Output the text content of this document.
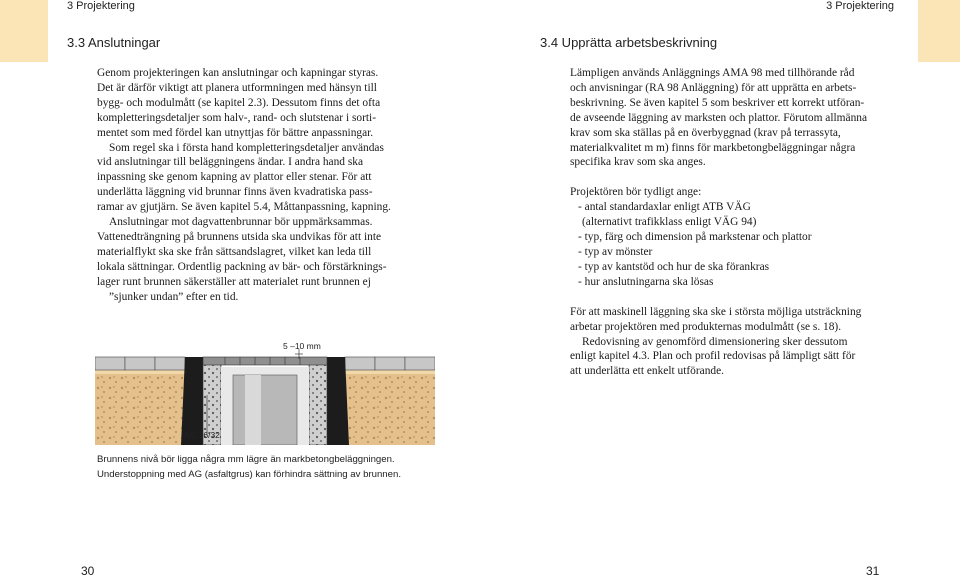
3 Projektering	3 Projektering
3.3 Anslutningar	3.4 Upprätta arbetsbeskrivning

Genom projekteringen kan anslutningar och kapningar styras.

Det är därför viktigt att planera utformningen med hänsyn till

bygg- och modulmått (se kapitel 2.3). Dessutom finns det ofta

kompletteringsdetaljer som halv-, rand- och slutstenar i sorti-

mentet som med fördel kan utnyttjas för bättre anpassningar.

Som regel ska i första hand kompletteringsdetaljer användas

vid anslutningar till beläggningens ändar. I andra hand ska

inpassning ske genom kapning av plattor eller stenar. För att

underlätta läggning vid brunnar finns även kvadratiska pass-

ramar av gjutjärn. Se även kapitel 5.4, Måttanpassning, kapning.

Anslutningar mot dagvattenbrunnar bör uppmärksammas.

Vattenedträngning på brunnens utsida ska undvikas för att inte

materialflykt ska ske från sättsandslagret, vilket kan leda till

lokala sättningar. Ordentlig packning av bär- och förstärknings-

lager runt brunnen säkerställer att materialet runt brunnen ej

”sjunker undan” efter en tid.

5 –10 mm
AG 16/32
Brunnens nivå bör ligga några mm lägre än markbetongbeläggningen.
Understoppning med AG (asfaltgrus) kan förhindra sättning av brunnen.

Lämpligen används Anläggnings AMA 98 med tillhörande råd

och anvisningar (RA 98 Anläggning) för att upprätta en arbets-

beskrivning. Se även kapitel 5 som beskriver ett korrekt utföran-

de avseende läggning av marksten och plattor. Förutom allmänna

krav som ska ställas på en överbyggnad (krav på terrassyta,

materialkvalitet m m) finns för markbetongbeläggningar några

specifika krav som ska anges.

Projektören bör tydligt ange:

- antal standardaxlar enligt ATB VÄG

(alternativt trafikklass enligt VÄG 94)

- typ, färg och dimension på markstenar och plattor

- typ av mönster

- typ av kantstöd och hur de ska förankras

- hur anslutningarna ska lösas

För att maskinell läggning ska ske i största möjliga utsträckning

arbetar projektören med produkternas modulmått (se s. 18).

Redovisning av genomförd dimensionering sker dessutom

enligt kapitel 4.3. Plan och profil redovisas på lämpligt sätt för

att underlätta ett enkelt utförande.

30	31
